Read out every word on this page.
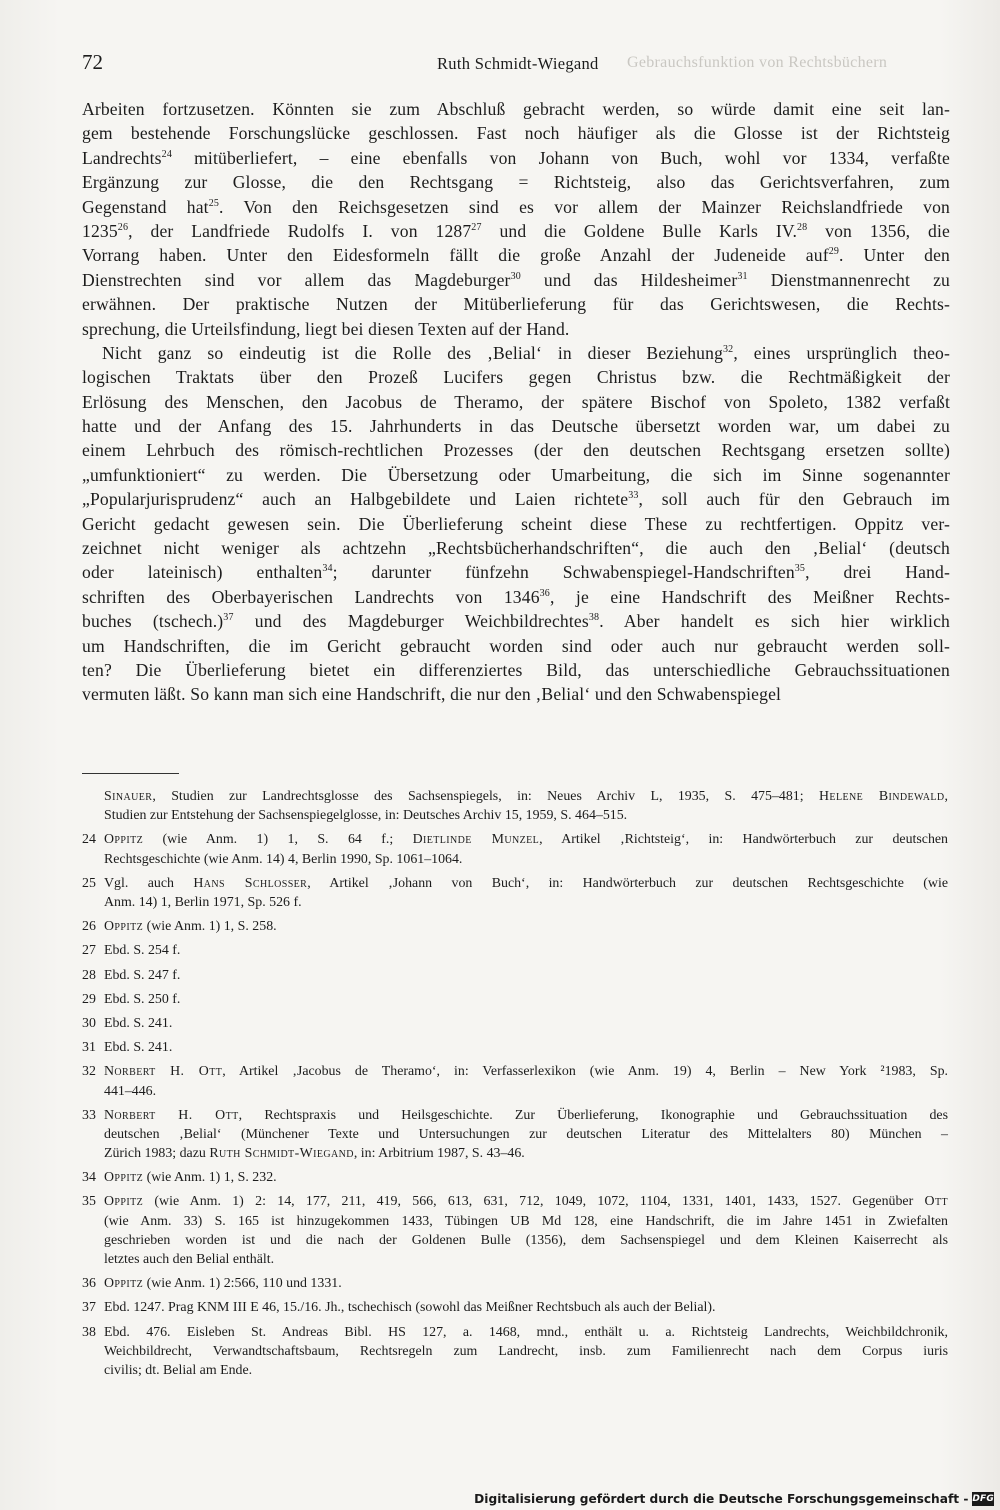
72	Ruth Schmidt-Wiegand Gebrauchsfunktion von Rechtsbüchern
Arbeiten fortzusetzen. Könnten sie zum Abschluß gebracht werden, so würde damit eine seit lan-
gem bestehende Forschungslücke geschlossen. Fast noch häufiger als die Glosse ist der Richtsteig
Landrechts$^{24}$ mitüberliefert, – eine ebenfalls von Johann von Buch, wohl vor 1334, verfaßte
Ergänzung zur Glosse, die den Rechtsgang = Richtsteig, also das Gerichtsverfahren, zum
Gegenstand hat$^{25}$. Von den Reichsgesetzen sind es vor allem der Mainzer Reichslandfriede von
1235$^{26}$, der Landfriede Rudolfs I. von 1287$^{27}$ und die Goldene Bulle Karls IV.$^{28}$ von 1356, die
Vorrang haben. Unter den Eidesformeln fällt die große Anzahl der Judeneide auf$^{29}$. Unter den
Dienstrechten sind vor allem das Magdeburger$^{30}$ und das Hildesheimer$^{31}$ Dienstmannenrecht zu
erwähnen. Der praktische Nutzen der Mitüberlieferung für das Gerichtswesen, die Rechts-
sprechung, die Urteilsfindung, liegt bei diesen Texten auf der Hand.
Nicht ganz so eindeutig ist die Rolle des ‚Belial‘ in dieser Beziehung$^{32}$, eines ursprünglich theo-
logischen Traktats über den Prozeß Lucifers gegen Christus bzw. die Rechtmäßigkeit der
Erlösung des Menschen, den Jacobus de Theramo, der spätere Bischof von Spoleto, 1382 verfaßt
hatte und der Anfang des 15. Jahrhunderts in das Deutsche übersetzt worden war, um dabei zu
einem Lehrbuch des römisch-rechtlichen Prozesses (der den deutschen Rechtsgang ersetzen sollte)
„umfunktioniert“ zu werden. Die Übersetzung oder Umarbeitung, die sich im Sinne sogenannter
„Popularjurisprudenz“ auch an Halbgebildete und Laien richtete$^{33}$, soll auch für den Gebrauch im
Gericht gedacht gewesen sein. Die Überlieferung scheint diese These zu rechtfertigen. Oppitz ver-
zeichnet nicht weniger als achtzehn „Rechtsbücherhandschriften“, die auch den ‚Belial‘ (deutsch
oder lateinisch) enthalten$^{34}$; darunter fünfzehn Schwabenspiegel-Handschriften$^{35}$, drei Hand-
schriften des Oberbayerischen Landrechts von 1346$^{36}$, je eine Handschrift des Meißner Rechts-
buches (tschech.)$^{37}$ und des Magdeburger Weichbildrechtes$^{38}$. Aber handelt es sich hier wirklich
um Handschriften, die im Gericht gebraucht worden sind oder auch nur gebraucht werden soll-
ten? Die Überlieferung bietet ein differenziertes Bild, das unterschiedliche Gebrauchssituationen
vermuten läßt. So kann man sich eine Handschrift, die nur den ‚Belial‘ und den Schwabenspiegel
Sinauer, Studien zur Landrechtsglosse des Sachsenspiegels, in: Neues Archiv L, 1935, S. 475–481; Helene Bindewald,
Studien zur Entstehung der Sachsenspiegelglosse, in: Deutsches Archiv 15, 1959, S. 464–515.
24 Oppitz (wie Anm. 1) 1, S. 64 f.; Dietlinde Munzel, Artikel ‚Richtsteig‘, in: Handwörterbuch zur deutschen
Rechtsgeschichte (wie Anm. 14) 4, Berlin 1990, Sp. 1061–1064.
25 Vgl. auch Hans Schlosser, Artikel ‚Johann von Buch‘, in: Handwörterbuch zur deutschen Rechtsgeschichte (wie
Anm. 14) 1, Berlin 1971, Sp. 526 f.
26 Oppitz (wie Anm. 1) 1, S. 258.
27 Ebd. S. 254 f.
28 Ebd. S. 247 f.
29 Ebd. S. 250 f.
30 Ebd. S. 241.
31 Ebd. S. 241.
32 Norbert H. Ott, Artikel ‚Jacobus de Theramo‘, in: Verfasserlexikon (wie Anm. 19) 4, Berlin – New York ²1983, Sp.
441–446.
33 Norbert H. Ott, Rechtspraxis und Heilsgeschichte. Zur Überlieferung, Ikonographie und Gebrauchssituation des
deutschen ‚Belial‘ (Münchener Texte und Untersuchungen zur deutschen Literatur des Mittelalters 80) München –
Zürich 1983; dazu Ruth Schmidt-Wiegand, in: Arbitrium 1987, S. 43–46.
34 Oppitz (wie Anm. 1) 1, S. 232.
35 Oppitz (wie Anm. 1) 2: 14, 177, 211, 419, 566, 613, 631, 712, 1049, 1072, 1104, 1331, 1401, 1433, 1527. Gegenüber Ott
(wie Anm. 33) S. 165 ist hinzugekommen 1433, Tübingen UB Md 128, eine Handschrift, die im Jahre 1451 in Zwiefalten
geschrieben worden ist und die nach der Goldenen Bulle (1356), dem Sachsenspiegel und dem Kleinen Kaiserrecht als
letztes auch den Belial enthält.
36 Oppitz (wie Anm. 1) 2:566, 110 und 1331.
37 Ebd. 1247. Prag KNM III E 46, 15./16. Jh., tschechisch (sowohl das Meißner Rechtsbuch als auch der Belial).
38 Ebd. 476. Eisleben St. Andreas Bibl. HS 127, a. 1468, mnd., enthält u. a. Richtsteig Landrechts, Weichbildchronik,
Weichbildrecht, Verwandtschaftsbaum, Rechtsregeln zum Landrecht, insb. zum Familienrecht nach dem Corpus iuris
civilis; dt. Belial am Ende.
Digitalisierung gefördert durch die Deutsche Forschungsgemeinschaft - DFG
